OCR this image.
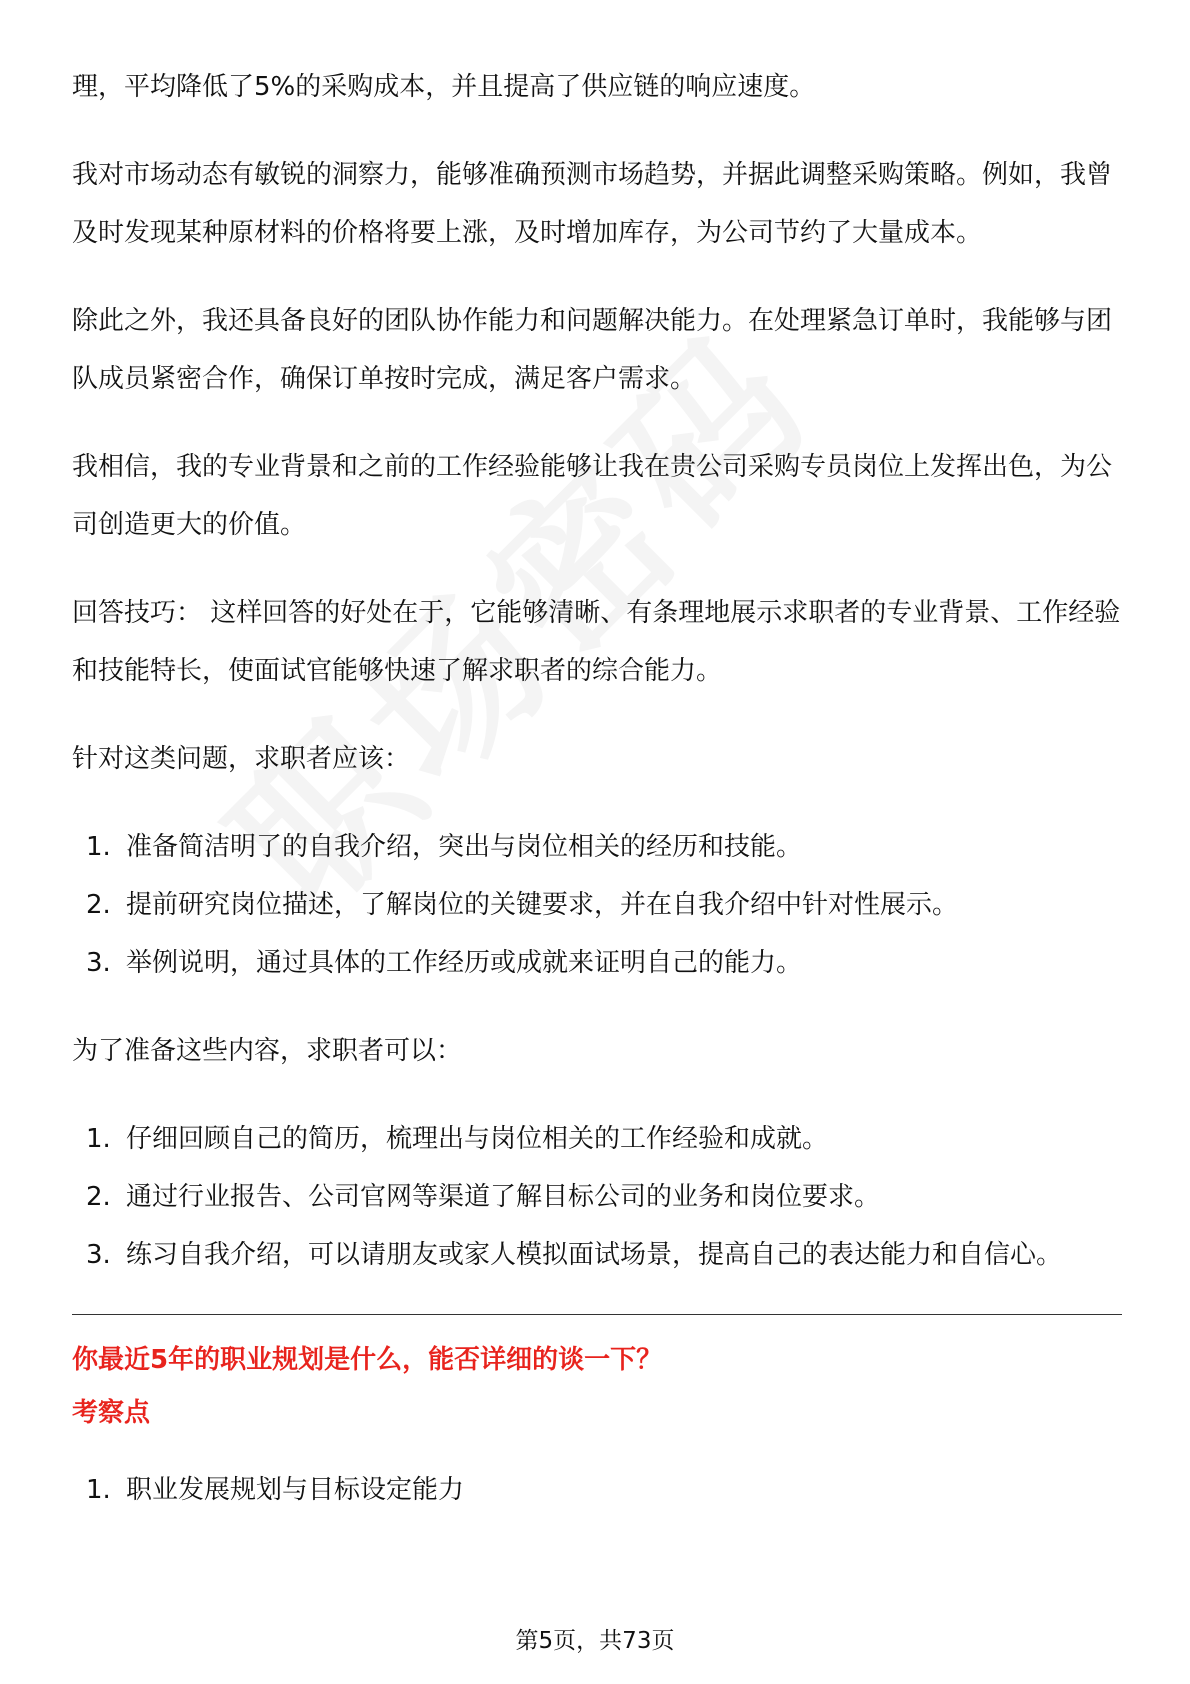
理，平均降低了5%的采购成本，并且提高了供应链的响应速度。

我对市场动态有敏锐的洞察力，能够准确预测市场趋势，并据此调整采购策略。例如，我曾及时发现某种原材料的价格将要上涨，及时增加库存，为公司节约了大量成本。

除此之外，我还具备良好的团队协作能力和问题解决能力。在处理紧急订单时，我能够与团队成员紧密合作，确保订单按时完成，满足客户需求。

我相信，我的专业背景和之前的工作经验能够让我在贵公司采购专员岗位上发挥出色，为公司创造更大的价值。

回答技巧： 这样回答的好处在于，它能够清晰、有条理地展示求职者的专业背景、工作经验和技能特长，使面试官能够快速了解求职者的综合能力。

针对这类问题，求职者应该：

1. 准备简洁明了的自我介绍，突出与岗位相关的经历和技能。
2. 提前研究岗位描述，了解岗位的关键要求，并在自我介绍中针对性展示。
3. 举例说明，通过具体的工作经历或成就来证明自己的能力。

为了准备这些内容，求职者可以：

1. 仔细回顾自己的简历，梳理出与岗位相关的工作经验和成就。
2. 通过行业报告、公司官网等渠道了解目标公司的业务和岗位要求。
3. 练习自我介绍，可以请朋友或家人模拟面试场景，提高自己的表达能力和自信心。

你最近5年的职业规划是什么，能否详细的谈一下？

考察点

1. 职业发展规划与目标设定能力
第5页，共73页
